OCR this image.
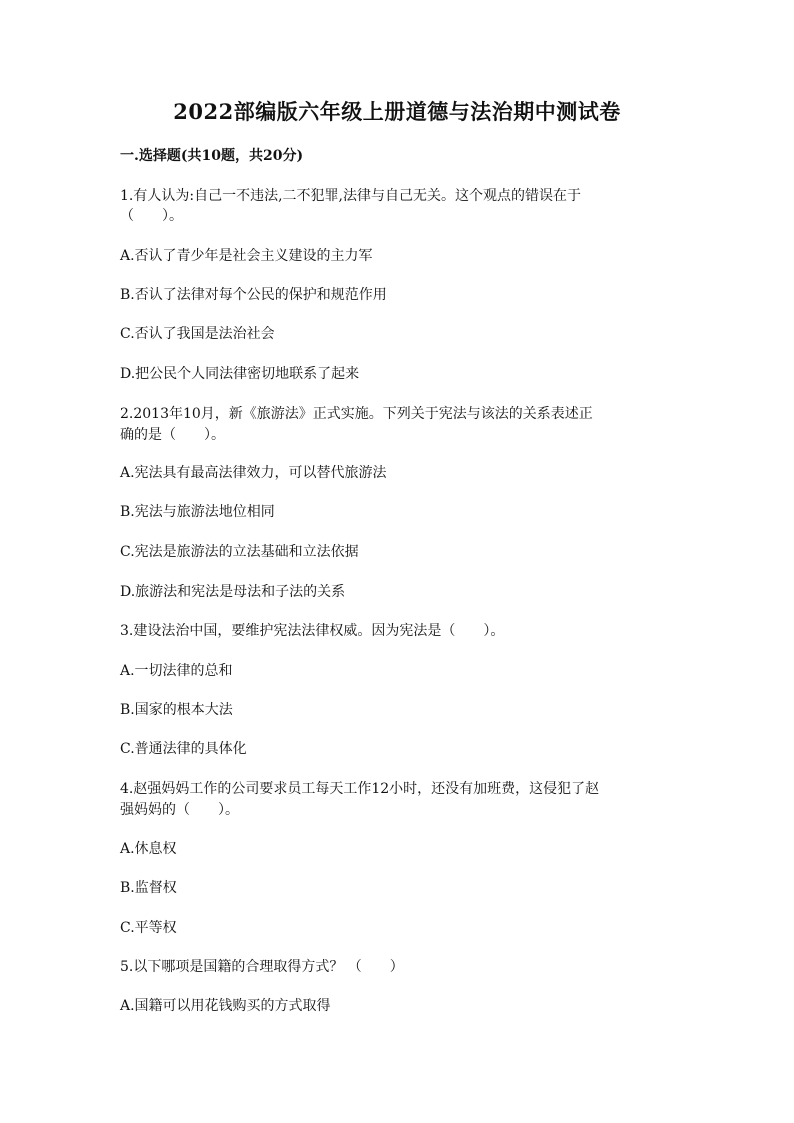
2022部编版六年级上册道德与法治期中测试卷
一.选择题(共10题，共20分)
1.有人认为:自己一不违法,二不犯罪,法律与自己无关。这个观点的错误在于
（　　）。
A.否认了青少年是社会主义建设的主力军
B.否认了法律对每个公民的保护和规范作用
C.否认了我国是法治社会
D.把公民个人同法律密切地联系了起来
2.2013年10月，新《旅游法》正式实施。下列关于宪法与该法的关系表述正
确的是（　　）。
A.宪法具有最高法律效力，可以替代旅游法
B.宪法与旅游法地位相同
C.宪法是旅游法的立法基础和立法依据
D.旅游法和宪法是母法和子法的关系
3.建设法治中国，要维护宪法法律权威。因为宪法是（　　）。
A.一切法律的总和
B.国家的根本大法
C.普通法律的具体化
4.赵强妈妈工作的公司要求员工每天工作12小时，还没有加班费，这侵犯了赵
强妈妈的（　　）。
A.休息权
B.监督权
C.平等权
5.以下哪项是国籍的合理取得方式？ （　　）
A.国籍可以用花钱购买的方式取得
